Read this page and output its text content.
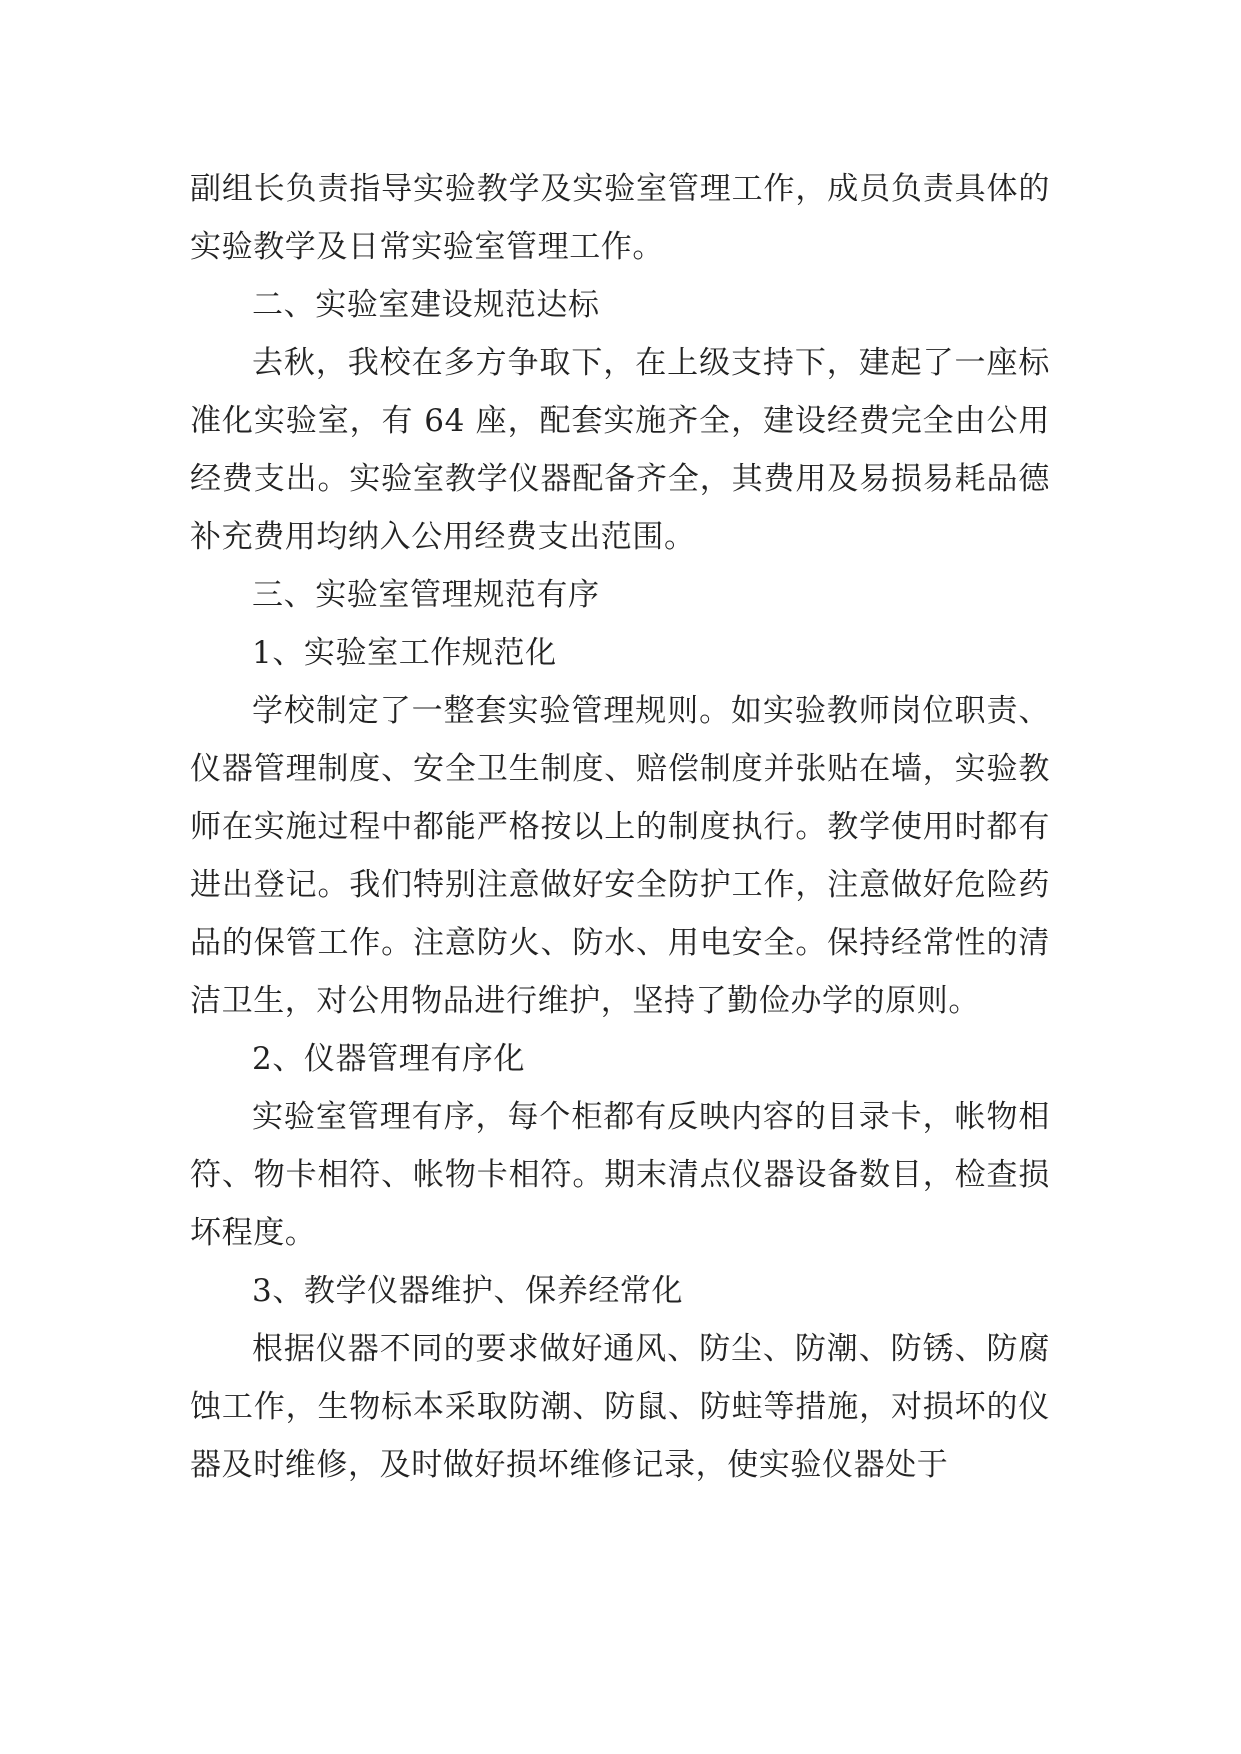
副组长负责指导实验教学及实验室管理工作，成员负责具体的实验教学及日常实验室管理工作。

二、实验室建设规范达标

去秋，我校在多方争取下，在上级支持下，建起了一座标准化实验室，有 64 座，配套实施齐全，建设经费完全由公用经费支出。实验室教学仪器配备齐全，其费用及易损易耗品德补充费用均纳入公用经费支出范围。

三、实验室管理规范有序

1、实验室工作规范化

学校制定了一整套实验管理规则。如实验教师岗位职责、仪器管理制度、安全卫生制度、赔偿制度并张贴在墙，实验教师在实施过程中都能严格按以上的制度执行。教学使用时都有进出登记。我们特别注意做好安全防护工作，注意做好危险药品的保管工作。注意防火、防水、用电安全。保持经常性的清洁卫生，对公用物品进行维护，坚持了勤俭办学的原则。

2、仪器管理有序化

实验室管理有序，每个柜都有反映内容的目录卡，帐物相符、物卡相符、帐物卡相符。期末清点仪器设备数目，检查损坏程度。

3、教学仪器维护、保养经常化

根据仪器不同的要求做好通风、防尘、防潮、防锈、防腐蚀工作，生物标本采取防潮、防鼠、防蛀等措施，对损坏的仪器及时维修，及时做好损坏维修记录，使实验仪器处于
